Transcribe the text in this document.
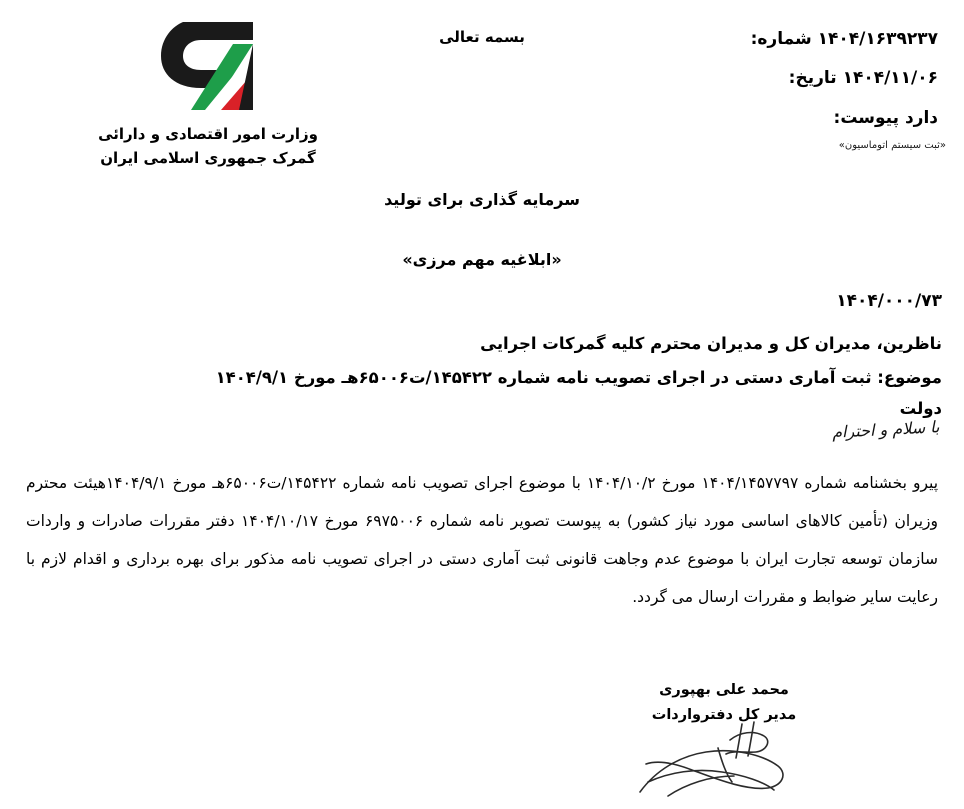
۱۴۰۴/۱۶۳۹۲۳۷ شماره:
۱۴۰۴/۱۱/۰۶ تاریخ:
دارد پیوست:
«ثبت سیستم اتوماسیون»
بسمه تعالی
وزارت امور اقتصادی و دارائی
گمرک جمهوری اسلامی ایران
سرمایه گذاری برای تولید
«ابلاغیه مهم مرزی»
۱۴۰۴/۰۰۰/۷۳
ناظرین، مدیران کل و مدیران محترم کلیه گمرکات اجرایی
موضوع: ثبت آماری دستی در اجرای تصویب نامه شماره ۱۴۵۴۲۲/ت۶۵۰۰۶هـ مورخ ۱۴۰۴/۹/۱ دولت
با سلام و احترام
پیرو بخشنامه شماره ۱۴۰۴/۱۴۵۷۷۹۷ مورخ ۱۴۰۴/۱۰/۲ با موضوع اجرای تصویب نامه شماره ۱۴۵۴۲۲/ت۶۵۰۰۶هـ مورخ ۱۴۰۴/۹/۱هیئت محترم وزیران (تأمین کالاهای اساسی مورد نیاز کشور) به پیوست تصویر نامه شماره ۶۹۷۵۰۰۶ مورخ ۱۴۰۴/۱۰/۱۷ دفتر مقررات صادرات و واردات سازمان توسعه تجارت ایران با موضوع عدم وجاهت قانونی ثبت آماری دستی در اجرای تصویب نامه مذکور برای بهره برداری و اقدام لازم با رعایت سایر ضوابط و مقررات ارسال می گردد.
محمد علی بهپوری
مدیر کل دفترواردات
